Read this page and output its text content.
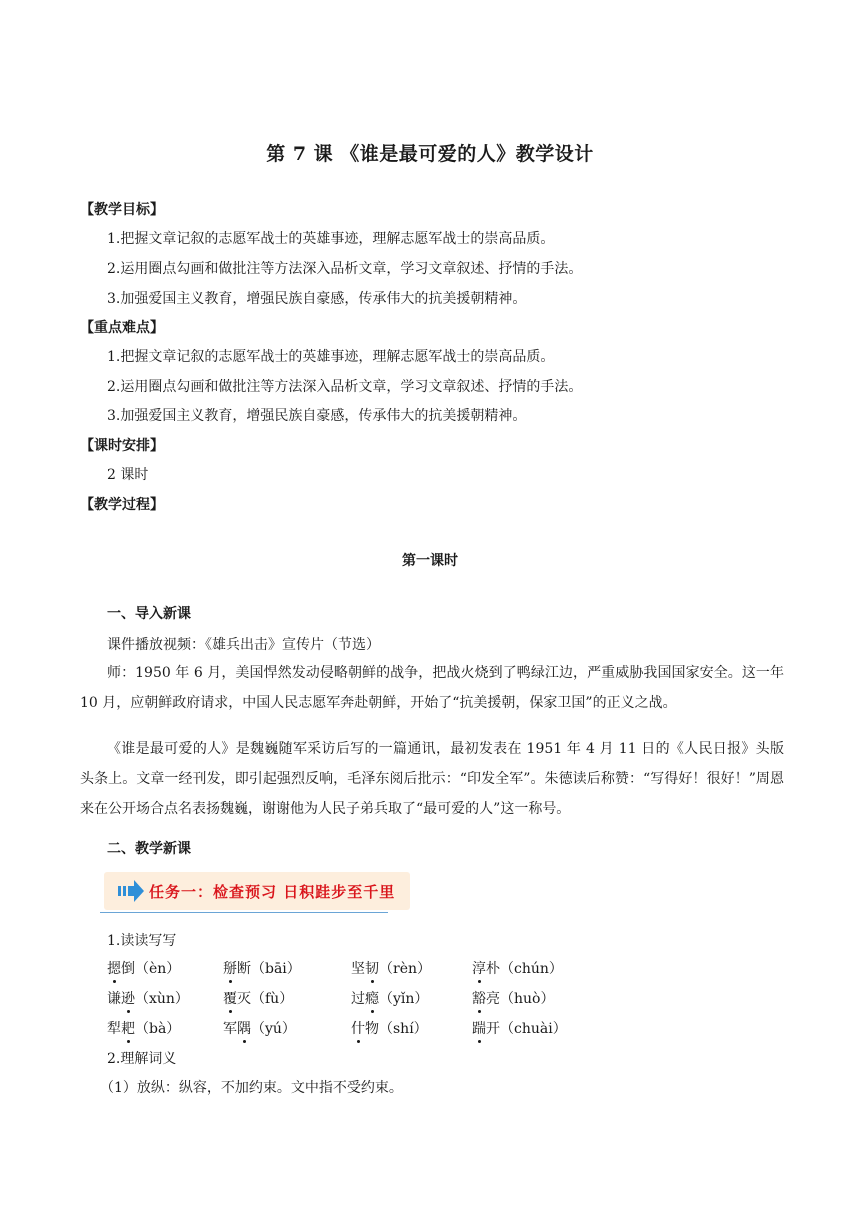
第 7 课 《谁是最可爱的人》教学设计
【教学目标】
1.把握文章记叙的志愿军战士的英雄事迹，理解志愿军战士的崇高品质。
2.运用圈点勾画和做批注等方法深入品析文章，学习文章叙述、抒情的手法。
3.加强爱国主义教育，增强民族自豪感，传承伟大的抗美援朝精神。
【重点难点】
1.把握文章记叙的志愿军战士的英雄事迹，理解志愿军战士的崇高品质。
2.运用圈点勾画和做批注等方法深入品析文章，学习文章叙述、抒情的手法。
3.加强爱国主义教育，增强民族自豪感，传承伟大的抗美援朝精神。
【课时安排】
2 课时
【教学过程】
第一课时
一、导入新课
课件播放视频：《雄兵出击》宣传片（节选）
师：1950 年 6 月，美国悍然发动侵略朝鲜的战争，把战火烧到了鸭绿江边，严重威胁我国国家安全。这一年 10 月，应朝鲜政府请求，中国人民志愿军奔赴朝鲜，开始了“抗美援朝，保家卫国”的正义之战。
《谁是最可爱的人》是魏巍随军采访后写的一篇通讯，最初发表在 1951 年 4 月 11 日的《人民日报》头版头条上。文章一经刊发，即引起强烈反响，毛泽东阅后批示：“印发全军”。朱德读后称赞：“写得好！很好！”周恩来在公开场合点名表扬魏巍，谢谢他为人民子弟兵取了“最可爱的人”这一称号。
二、教学新课
任务一：检查预习 日积跬步至千里
1.读读写写
摁倒（èn）	掰断（bāi）	坚韧（rèn）	淳朴（chún）
谦逊（xùn） 覆灭（fù）	过瘾（yǐn）	豁亮（huò）
犁耙（bà）	军隅（yú）	什物（shí）	踹开（chuài）
2.理解词义
（1）放纵：纵容，不加约束。文中指不受约束。
